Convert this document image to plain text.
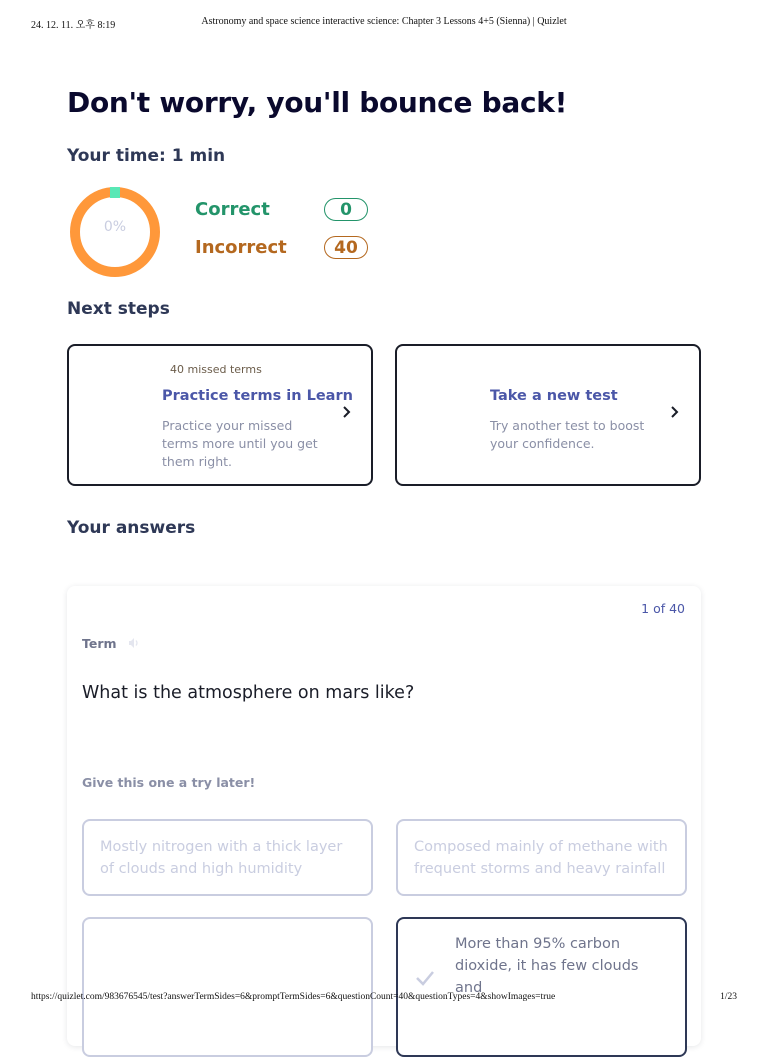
24. 12. 11. 오후 8:19	Astronomy and space science interactive science: Chapter 3 Lessons 4+5 (Sienna) | Quizlet
Don't worry, you'll bounce back!
Your time: 1 min
0%
Correct	0
Incorrect	40
Next steps
40 missed terms
Practice terms in Learn
Practice your missed terms more until you get them right.
Take a new test
Try another test to boost your confidence.
Your answers
1 of 40
Term
What is the atmosphere on mars like?
Give this one a try later!
Mostly nitrogen with a thick layer of clouds and high humidity
Composed mainly of methane with frequent storms and heavy rainfall
More than 95% carbon dioxide, it has few clouds and
https://quizlet.com/983676545/test?answerTermSides=6&promptTermSides=6&questionCount=40&questionTypes=4&showImages=true	1/23
